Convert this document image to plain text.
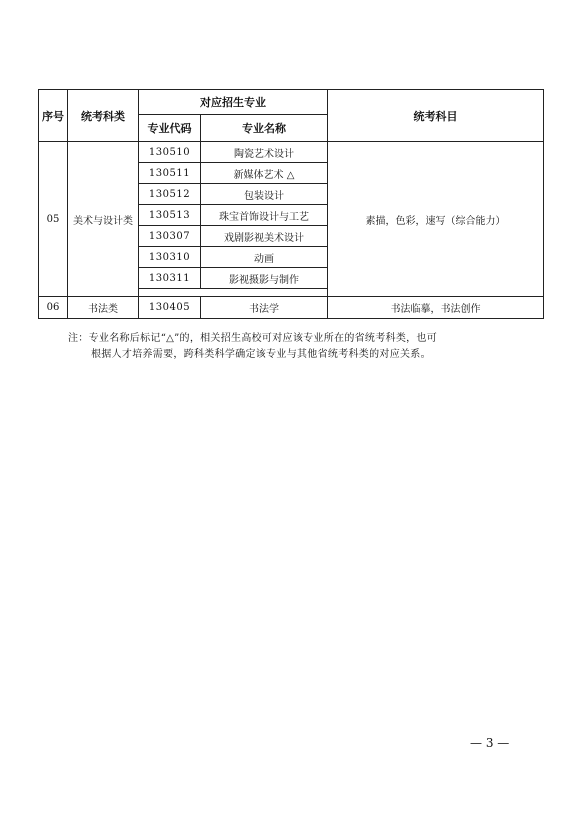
序号	统考科类	对应招生专业		统考科目
		专业代码	专业名称	
05	美术与设计类	130510	陶瓷艺术设计	素描，色彩，速写（综合能力）
		130511	新媒体艺术 △	
		130512	包装设计	
		130513	珠宝首饰设计与工艺	
		130307	戏剧影视美术设计	
		130310	动画	
		130311	影视摄影与制作	

06	书法类	130405	书法学	书法临摹，书法创作
注：专业名称后标记“△”的，相关招生高校可对应该专业所在的省统考科类，也可
根据人才培养需要，跨科类科学确定该专业与其他省统考科类的对应关系。
— 3 —
